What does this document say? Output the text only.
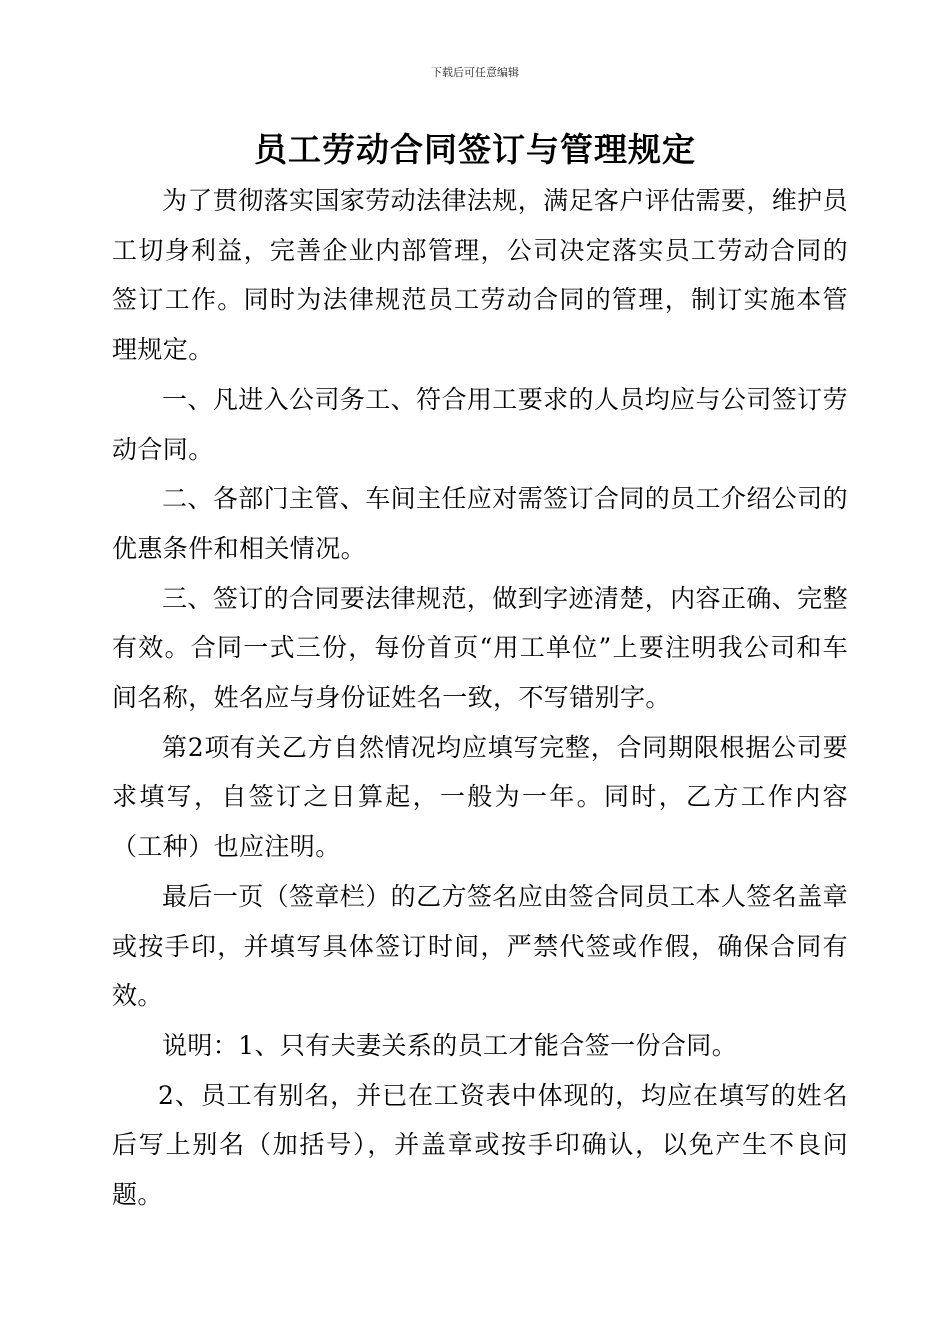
下载后可任意编辑
员工劳动合同签订与管理规定

为了贯彻落实国家劳动法律法规，满足客户评估需要，维护员工切身利益，完善企业内部管理，公司决定落实员工劳动合同的签订工作。同时为法律规范员工劳动合同的管理，制订实施本管理规定。

一、凡进入公司务工、符合用工要求的人员均应与公司签订劳动合同。

二、各部门主管、车间主任应对需签订合同的员工介绍公司的优惠条件和相关情况。

三、签订的合同要法律规范，做到字迹清楚，内容正确、完整有效。合同一式三份，每份首页“用工单位”上要注明我公司和车间名称，姓名应与身份证姓名一致，不写错别字。

第2项有关乙方自然情况均应填写完整，合同期限根据公司要求填写，自签订之日算起，一般为一年。同时，乙方工作内容（工种）也应注明。

最后一页（签章栏）的乙方签名应由签合同员工本人签名盖章或按手印，并填写具体签订时间，严禁代签或作假，确保合同有效。

说明：1、只有夫妻关系的员工才能合签一份合同。

2、员工有别名，并已在工资表中体现的，均应在填写的姓名后写上别名（加括号），并盖章或按手印确认，以免产生不良问题。
